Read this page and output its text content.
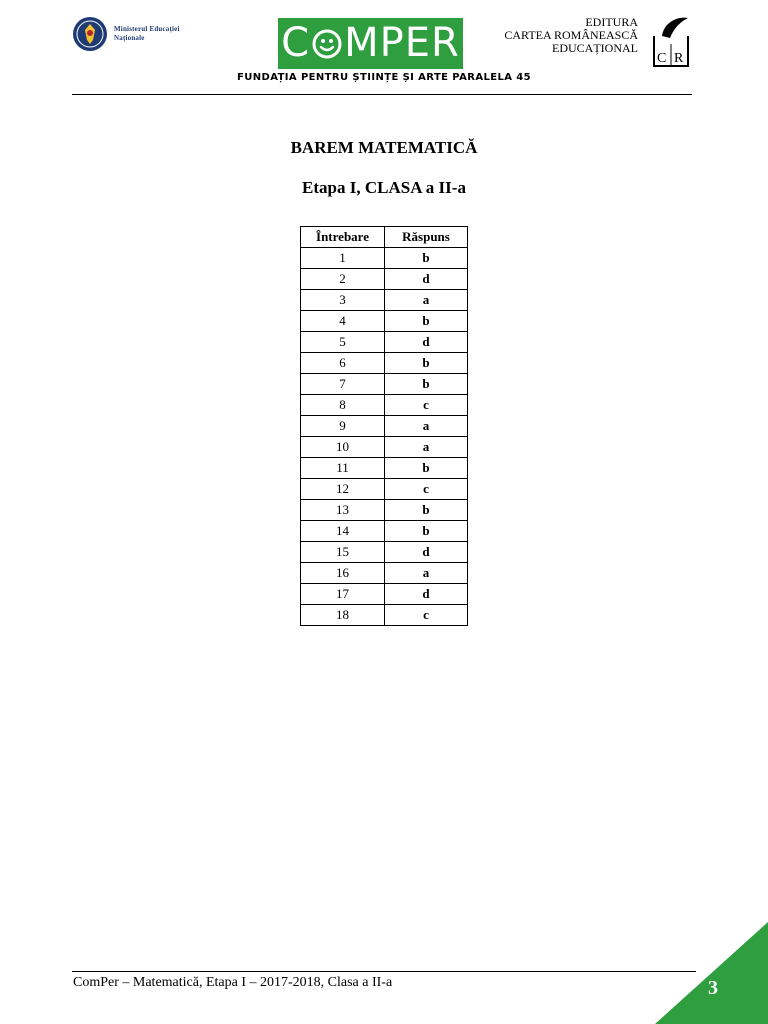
Ministerul Educației
Naționale	C MPER	EDITURA
CARTEA ROMÂNEASCĂ
EDUCAȚIONAL
C R
FUNDAȚIA PENTRU ȘTIINȚE ȘI ARTE PARALELA 45
BAREM MATEMATICĂ
Etapa I, CLASA a II-a
Întrebare	Răspuns
1	b
2	d
3	a
4	b
5	d
6	b
7	b
8	c
9	a
10	a
11	b
12	c
13	b
14	b
15	d
16	a
17	d
18	c
ComPer – Matematică, Etapa I – 2017-2018, Clasa a II-a	3
